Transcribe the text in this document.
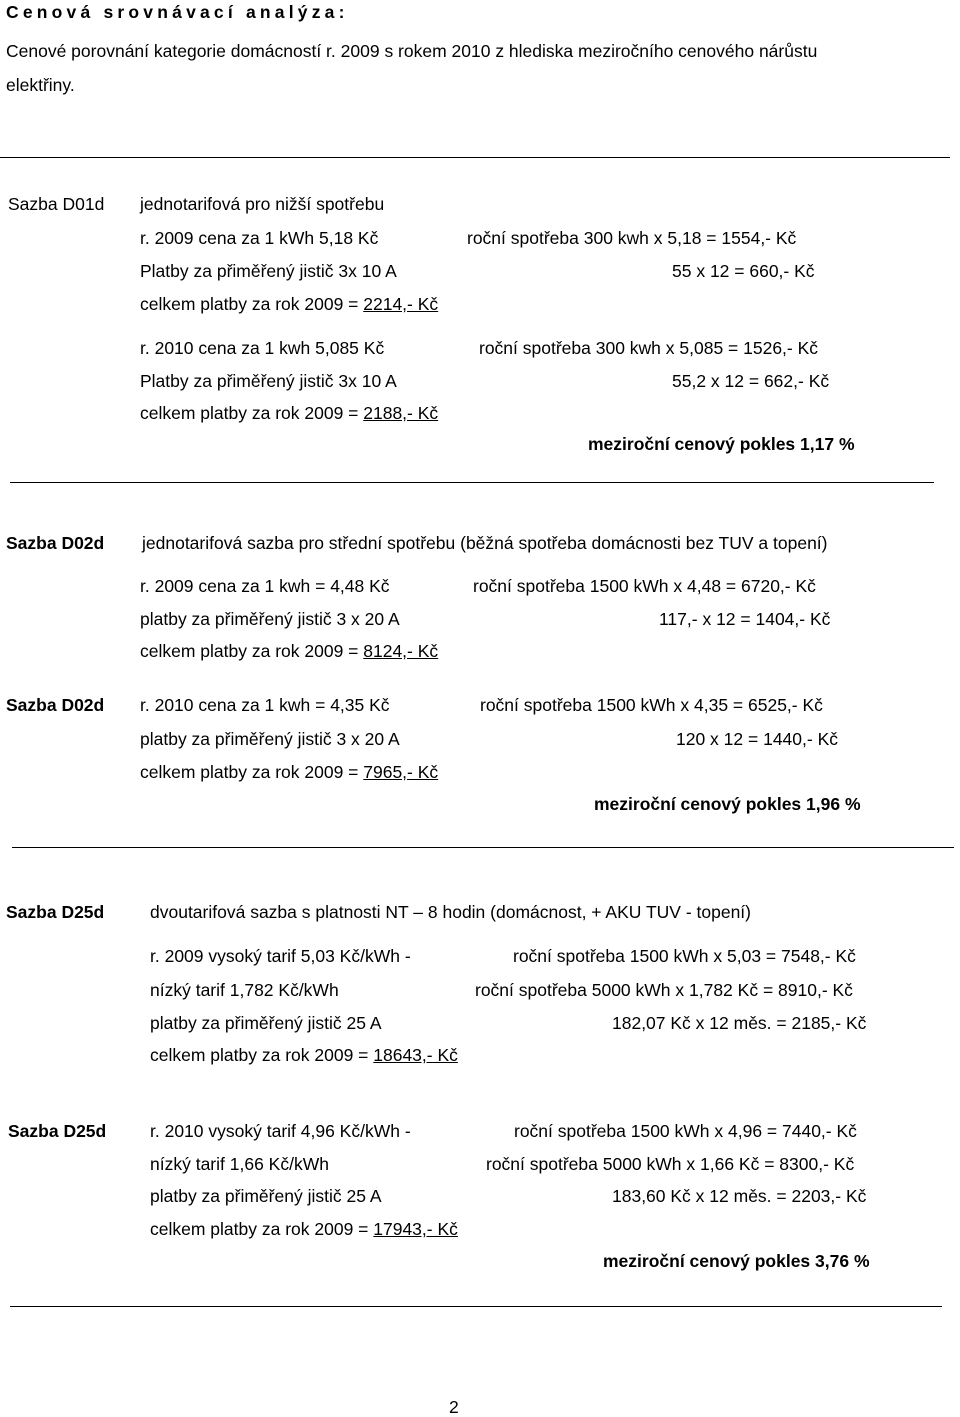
Cenová srovnávací analýza:
Cenové porovnání kategorie domácností r. 2009 s rokem 2010 z hlediska meziročního cenového nárůstu
elektřiny.
Sazba D01d jednotarifová pro nižší spotřebu
r. 2009 cena za 1 kWh 5,18 Kč	roční spotřeba 300 kwh x 5,18 = 1554,- Kč
Platby za přiměřený jistič 3x 10 A	55 x 12 = 660,- Kč
celkem platby za rok 2009 = 2214,- Kč
r. 2010 cena za 1 kwh 5,085 Kč	roční spotřeba 300 kwh x 5,085 = 1526,- Kč
Platby za přiměřený jistič 3x 10 A	55,2 x 12 = 662,- Kč
celkem platby za rok 2009 = 2188,- Kč
meziroční cenový pokles 1,17 %
Sazba D02d jednotarifová sazba pro střední spotřebu (běžná spotřeba domácnosti bez TUV a topení)
r. 2009 cena za 1 kwh = 4,48 Kč	roční spotřeba 1500 kWh x 4,48 = 6720,- Kč
platby za přiměřený jistič 3 x 20 A	117,- x 12 = 1404,- Kč
celkem platby za rok 2009 = 8124,- Kč
Sazba D02d r. 2010 cena za 1 kwh = 4,35 Kč	roční spotřeba 1500 kWh x 4,35 = 6525,- Kč
platby za přiměřený jistič 3 x 20 A	120 x 12 = 1440,- Kč
celkem platby za rok 2009 = 7965,- Kč
meziroční cenový pokles 1,96 %
Sazba D25d	dvoutarifová sazba s platnosti NT – 8 hodin (domácnost, + AKU TUV - topení)
r. 2009 vysoký tarif 5,03 Kč/kWh -	roční spotřeba 1500 kWh x 5,03 = 7548,- Kč
nízký tarif 1,782 Kč/kWh	roční spotřeba 5000 kWh x 1,782 Kč = 8910,- Kč
platby za přiměřený jistič 25 A	182,07 Kč x 12 měs. = 2185,- Kč
celkem platby za rok 2009 = 18643,- Kč
Sazba D25d	r. 2010 vysoký tarif 4,96 Kč/kWh -	roční spotřeba 1500 kWh x 4,96 = 7440,- Kč
nízký tarif 1,66 Kč/kWh	roční spotřeba 5000 kWh x 1,66 Kč = 8300,- Kč
platby za přiměřený jistič 25 A	183,60 Kč x 12 měs. = 2203,- Kč
celkem platby za rok 2009 = 17943,- Kč
meziroční cenový pokles 3,76 %
2
